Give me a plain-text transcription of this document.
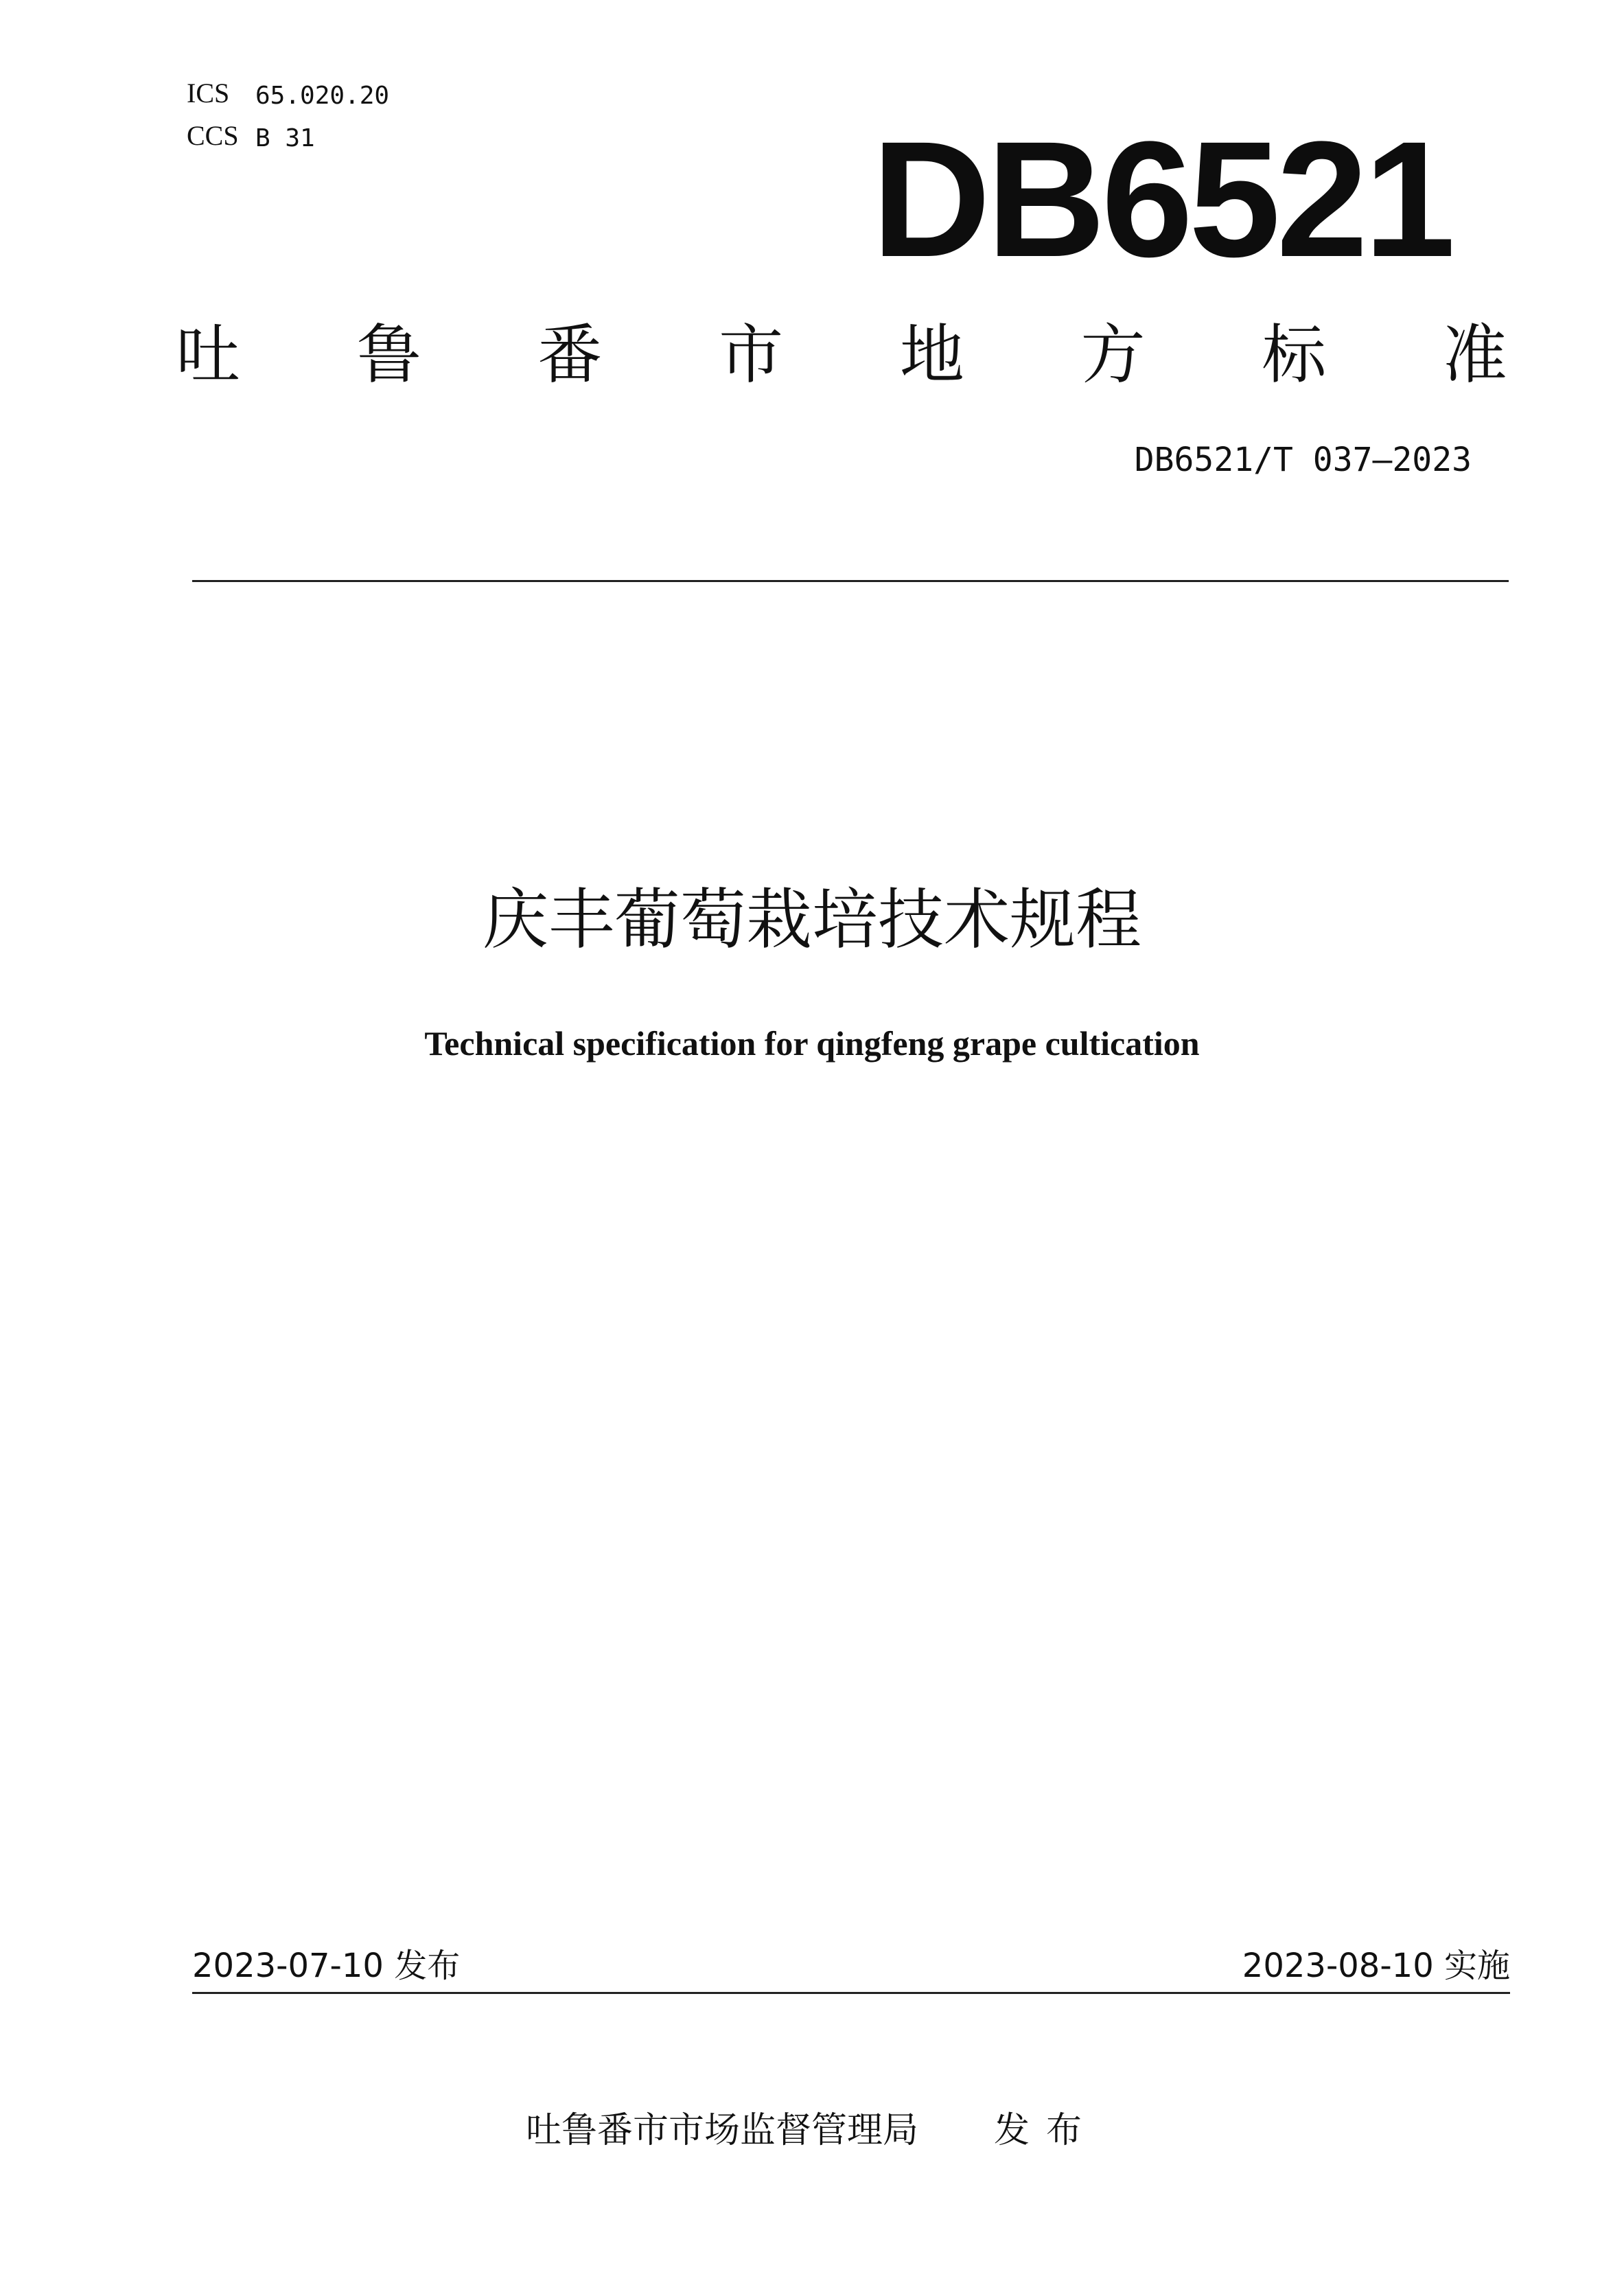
ICS 65.020.20
CCS B 31	DB6521
吐 鲁 番 市 地 方 标 准
DB6521/T 037—2023
庆丰葡萄栽培技术规程
Technical specification for qingfeng grape cultication
2023-07-10 发布	2023-08-10 实施
吐鲁番市市场监督管理局 发布
